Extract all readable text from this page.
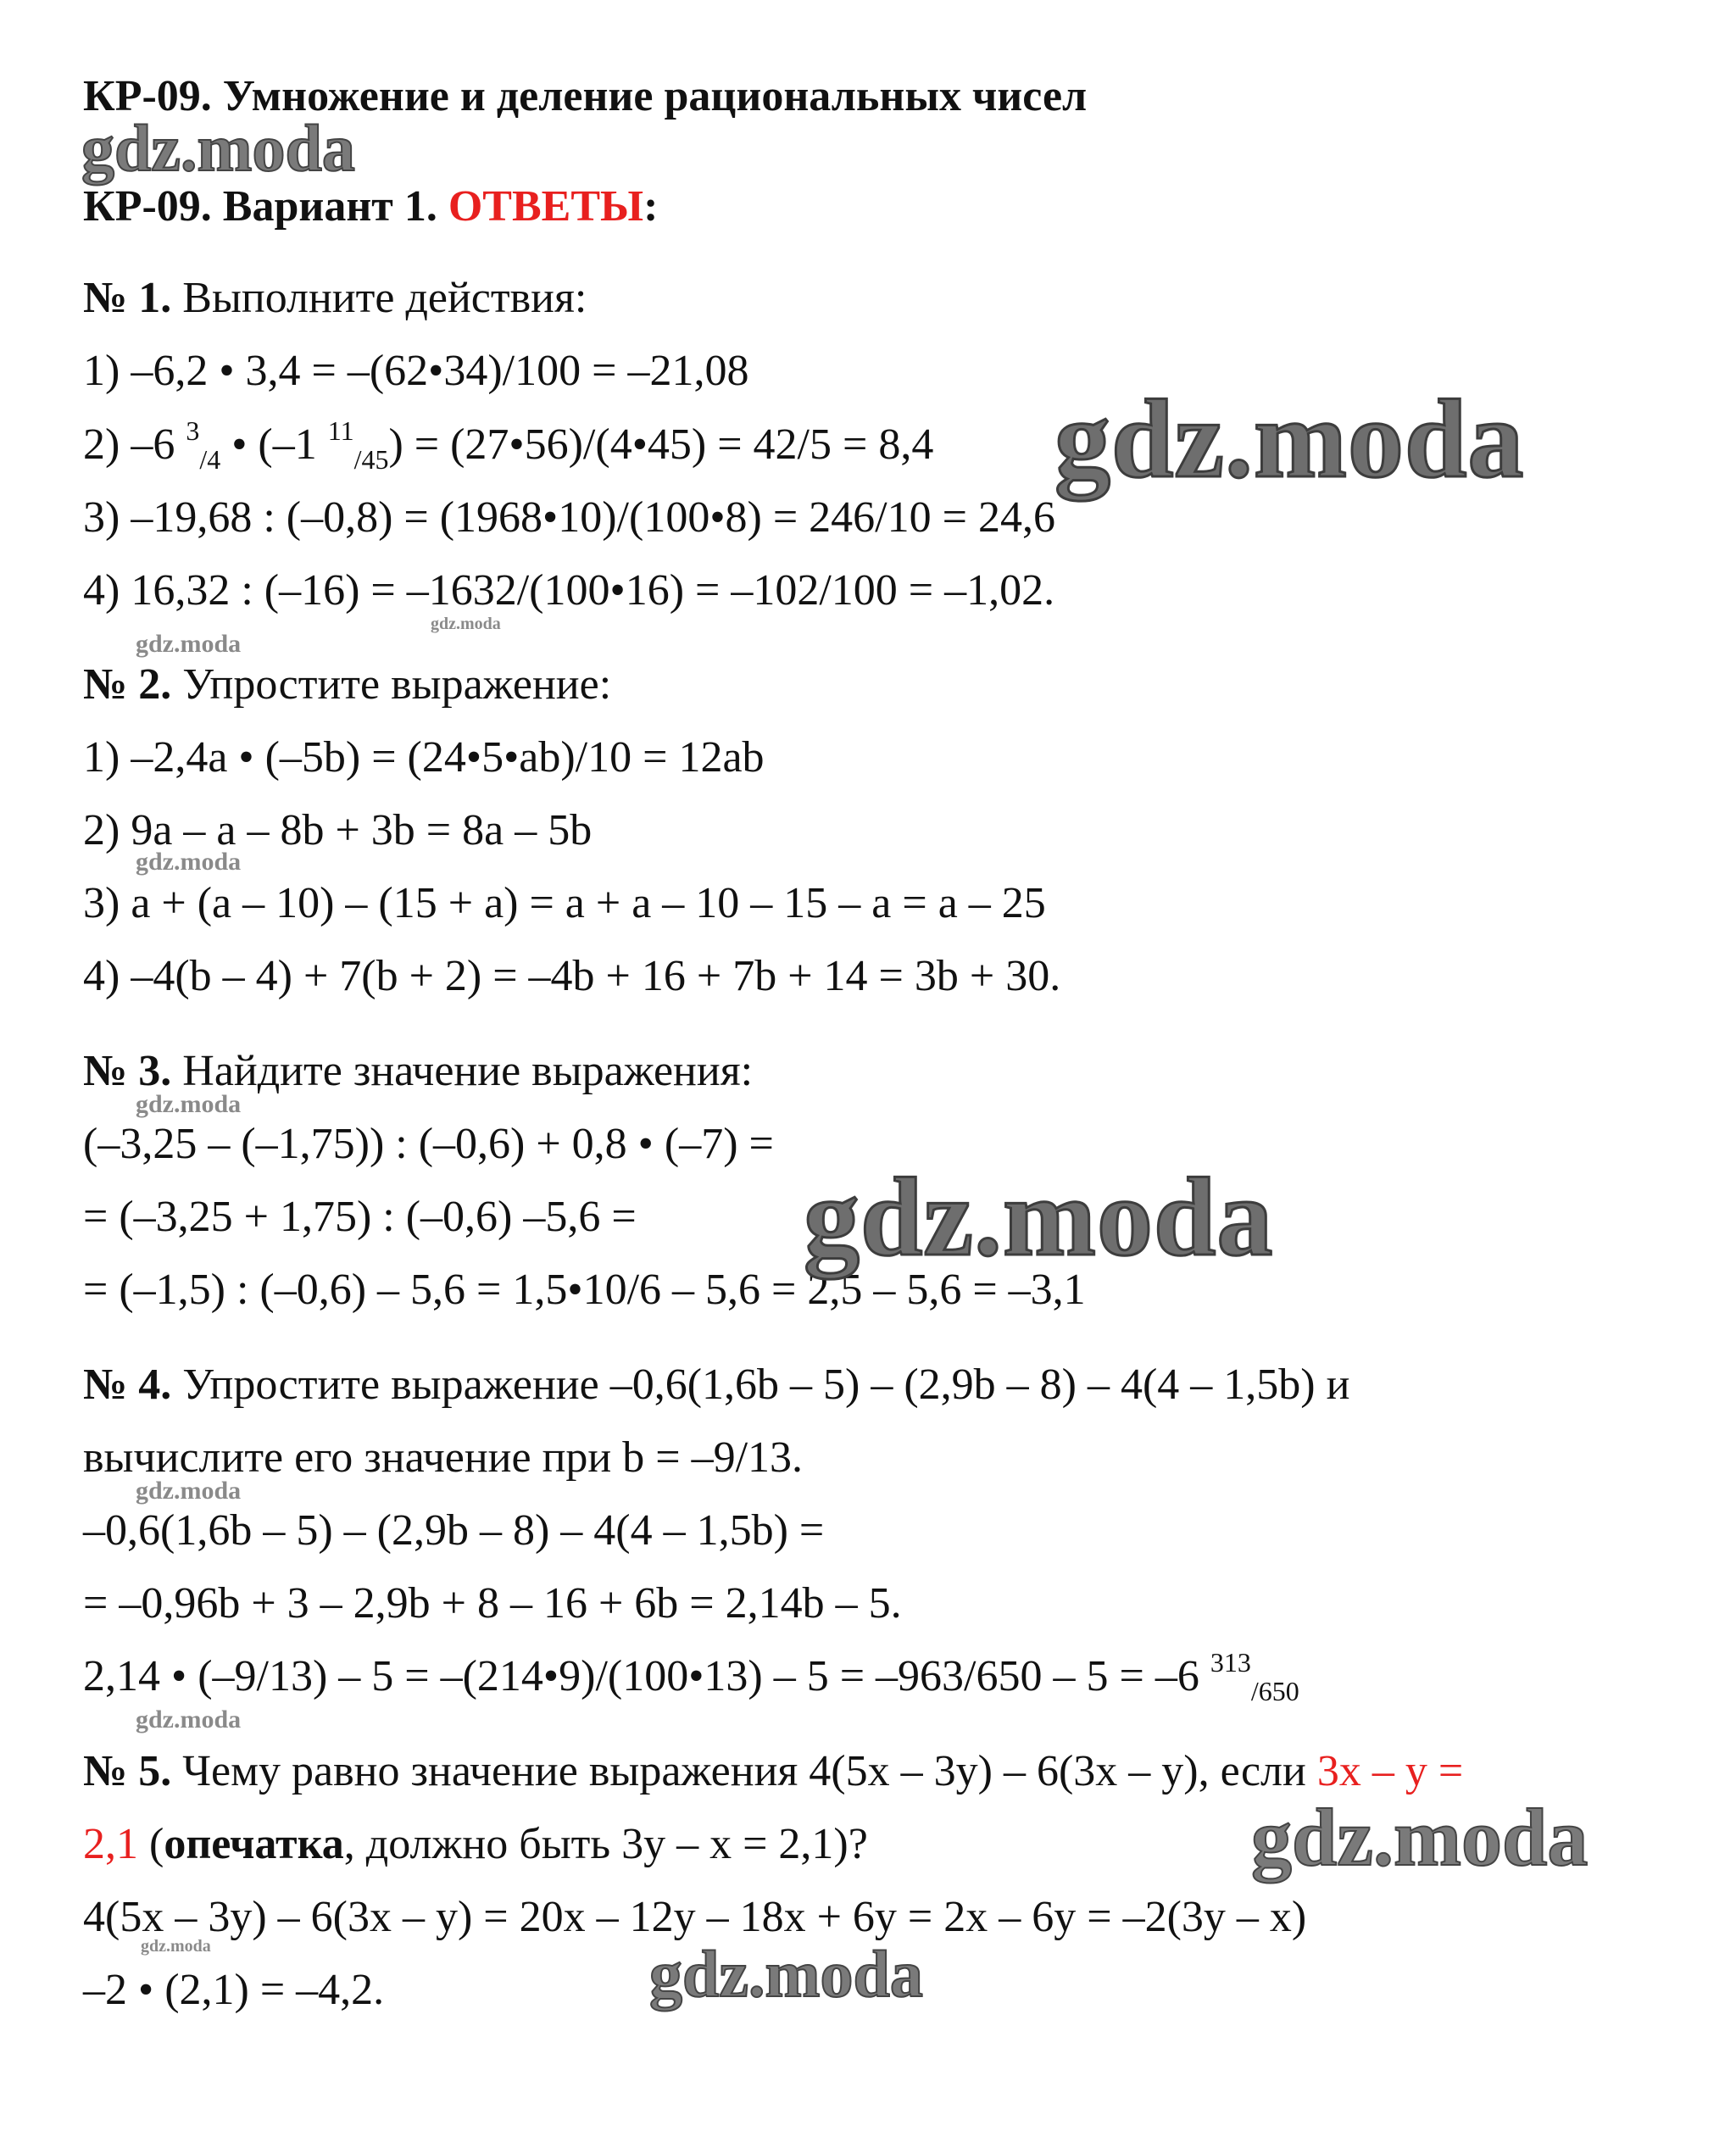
КР-09. Умножение и деление рациональных чисел

КР-09. Вариант 1. ОТВЕТЫ:

№ 1. Выполните действия:

1) –6,2 • 3,4 = –(62•34)/100 = –21,08

2) –6 $^3_{/4}$ • (–1 $^{11}_{/45}$) = (27•56)/(4•45) = 42/5 = 8,4

3) –19,68 : (–0,8) = (1968•10)/(100•8) = 246/10 = 24,6

4) 16,32 : (–16) = –1632/(100•16) = –102/100 = –1,02.

№ 2. Упростите выражение:

1) –2,4a • (–5b) = (24•5•ab)/10 = 12ab

2) 9a – a – 8b + 3b = 8a – 5b

3) a + (a – 10) – (15 + a) = a + a – 10 – 15 – a = a – 25

4) –4(b – 4) + 7(b + 2) = –4b + 16 + 7b + 14 = 3b + 30.

№ 3. Найдите значение выражения:

(–3,25 – (–1,75)) : (–0,6) + 0,8 • (–7) =

= (–3,25 + 1,75) : (–0,6) –5,6 =

= (–1,5) : (–0,6) – 5,6 = 1,5•10/6 – 5,6 = 2,5 – 5,6 = –3,1

№ 4. Упростите выражение –0,6(1,6b – 5) – (2,9b – 8) – 4(4 – 1,5b) и

вычислите его значение при b = –9/13.

–0,6(1,6b – 5) – (2,9b – 8) – 4(4 – 1,5b) =

= –0,96b + 3 – 2,9b + 8 – 16 + 6b = 2,14b – 5.

2,14 • (–9/13) – 5 = –(214•9)/(100•13) – 5 = –963/650 – 5 = –6 $^{313}_{/650}$

№ 5. Чему равно значение выражения 4(5x – 3y) – 6(3x – y), если 3x – y =

2,1 (опечатка, должно быть 3y – x = 2,1)?

4(5x – 3y) – 6(3x – y) = 20x – 12y – 18x + 6y = 2x – 6y = –2(3y – x)

–2 • (2,1) = –4,2.

gdz.moda
gdz.moda
gdz.moda
gdz.moda
gdz.moda
gdz.moda
gdz.moda
gdz.moda
gdz.moda
gdz.moda
gdz.moda	gdz.moda
